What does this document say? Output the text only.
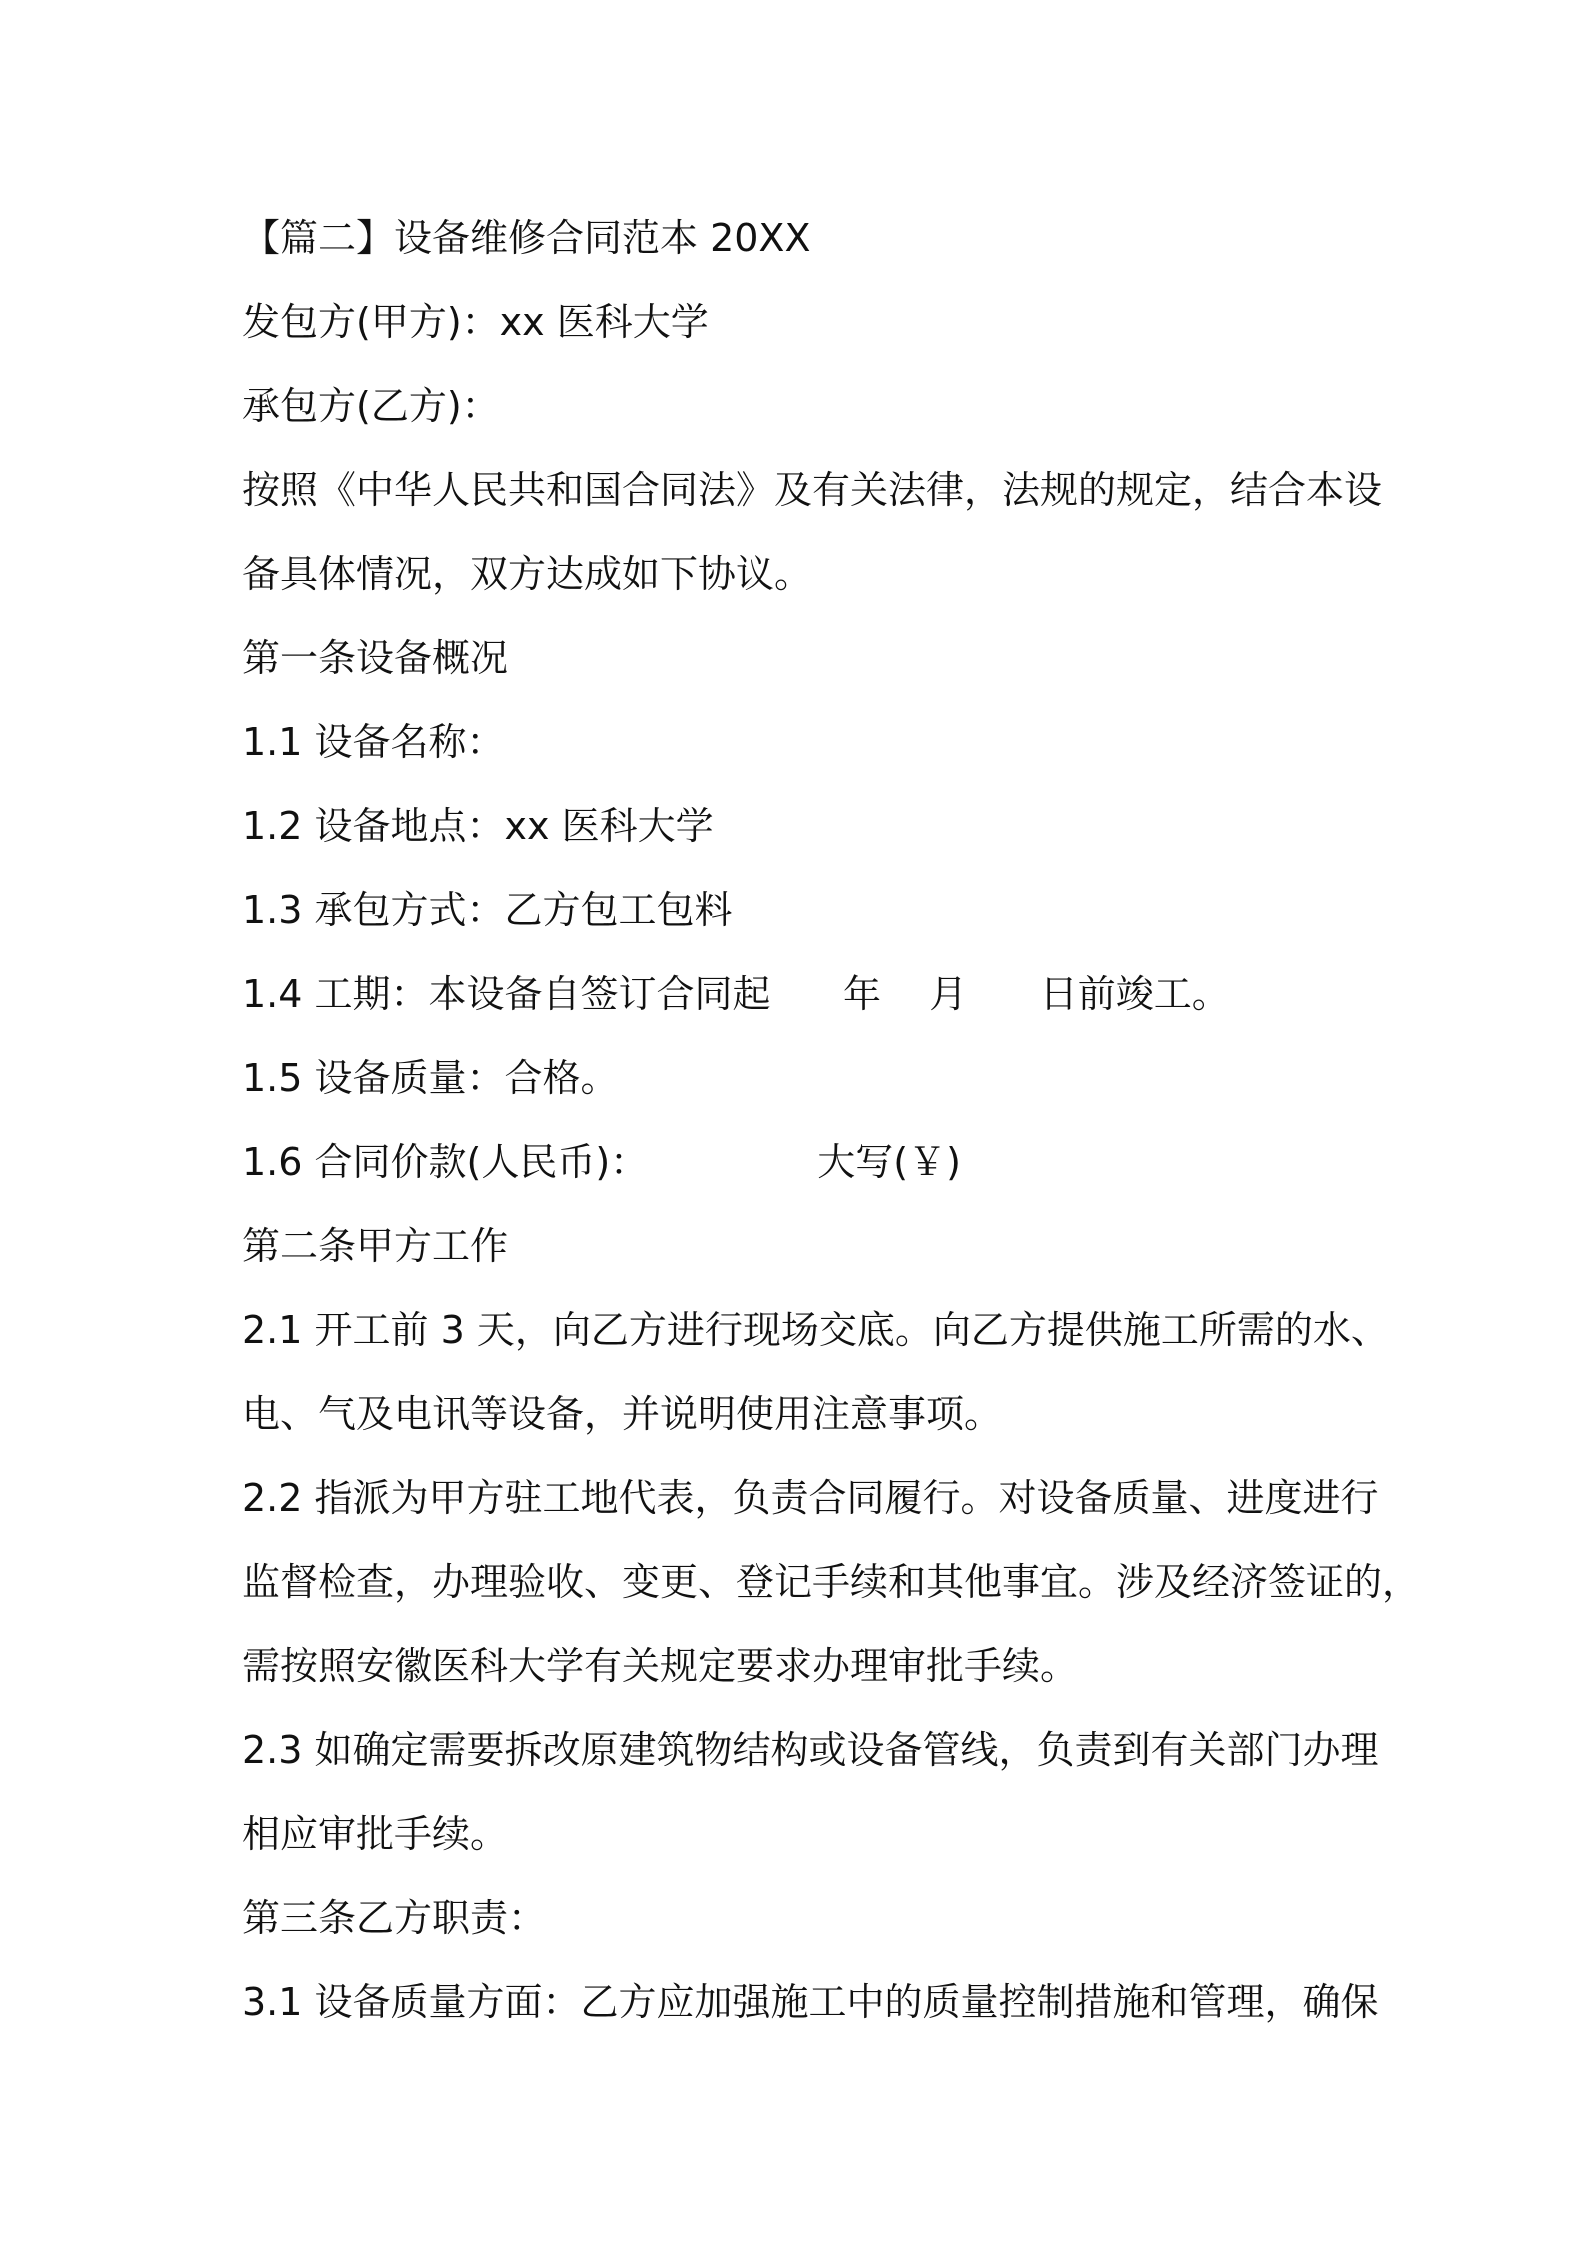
【篇二】设备维修合同范本 20XX
发包方(甲方)：xx 医科大学
承包方(乙方)：
按照《中华人民共和国合同法》及有关法律，法规的规定，结合本设
备具体情况，双方达成如下协议。
第一条设备概况
1.1 设备名称：
1.2 设备地点：xx 医科大学
1.3 承包方式：乙方包工包料
1.4 工期：本设备自签订合同起      年    月      日前竣工。
1.5 设备质量：合格。
1.6 合同价款(人民币)：              大写(￥)
第二条甲方工作
2.1 开工前 3 天，向乙方进行现场交底。向乙方提供施工所需的水、
电、气及电讯等设备，并说明使用注意事项。
2.2 指派为甲方驻工地代表，负责合同履行。对设备质量、进度进行
监督检查，办理验收、变更、登记手续和其他事宜。涉及经济签证的，
需按照安徽医科大学有关规定要求办理审批手续。
2.3 如确定需要拆改原建筑物结构或设备管线，负责到有关部门办理
相应审批手续。
第三条乙方职责：
3.1 设备质量方面：乙方应加强施工中的质量控制措施和管理，确保
